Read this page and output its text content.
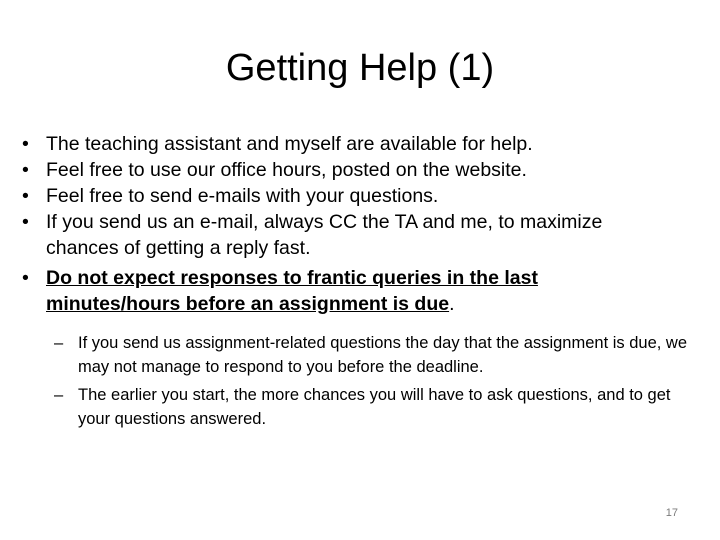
Getting Help (1)
• The teaching assistant and myself are available for help.
• Feel free to use our office hours, posted on the website.
• Feel free to send e-mails with your questions.
• If you send us an e-mail, always CC the TA and me, to maximize chances of getting a reply fast.
• Do not expect responses to frantic queries in the last minutes/hours before an assignment is due.
– If you send us assignment-related questions the day that the assignment is due, we may not manage to respond to you before the deadline.
– The earlier you start, the more chances you will have to ask questions, and to get your questions answered.
17
